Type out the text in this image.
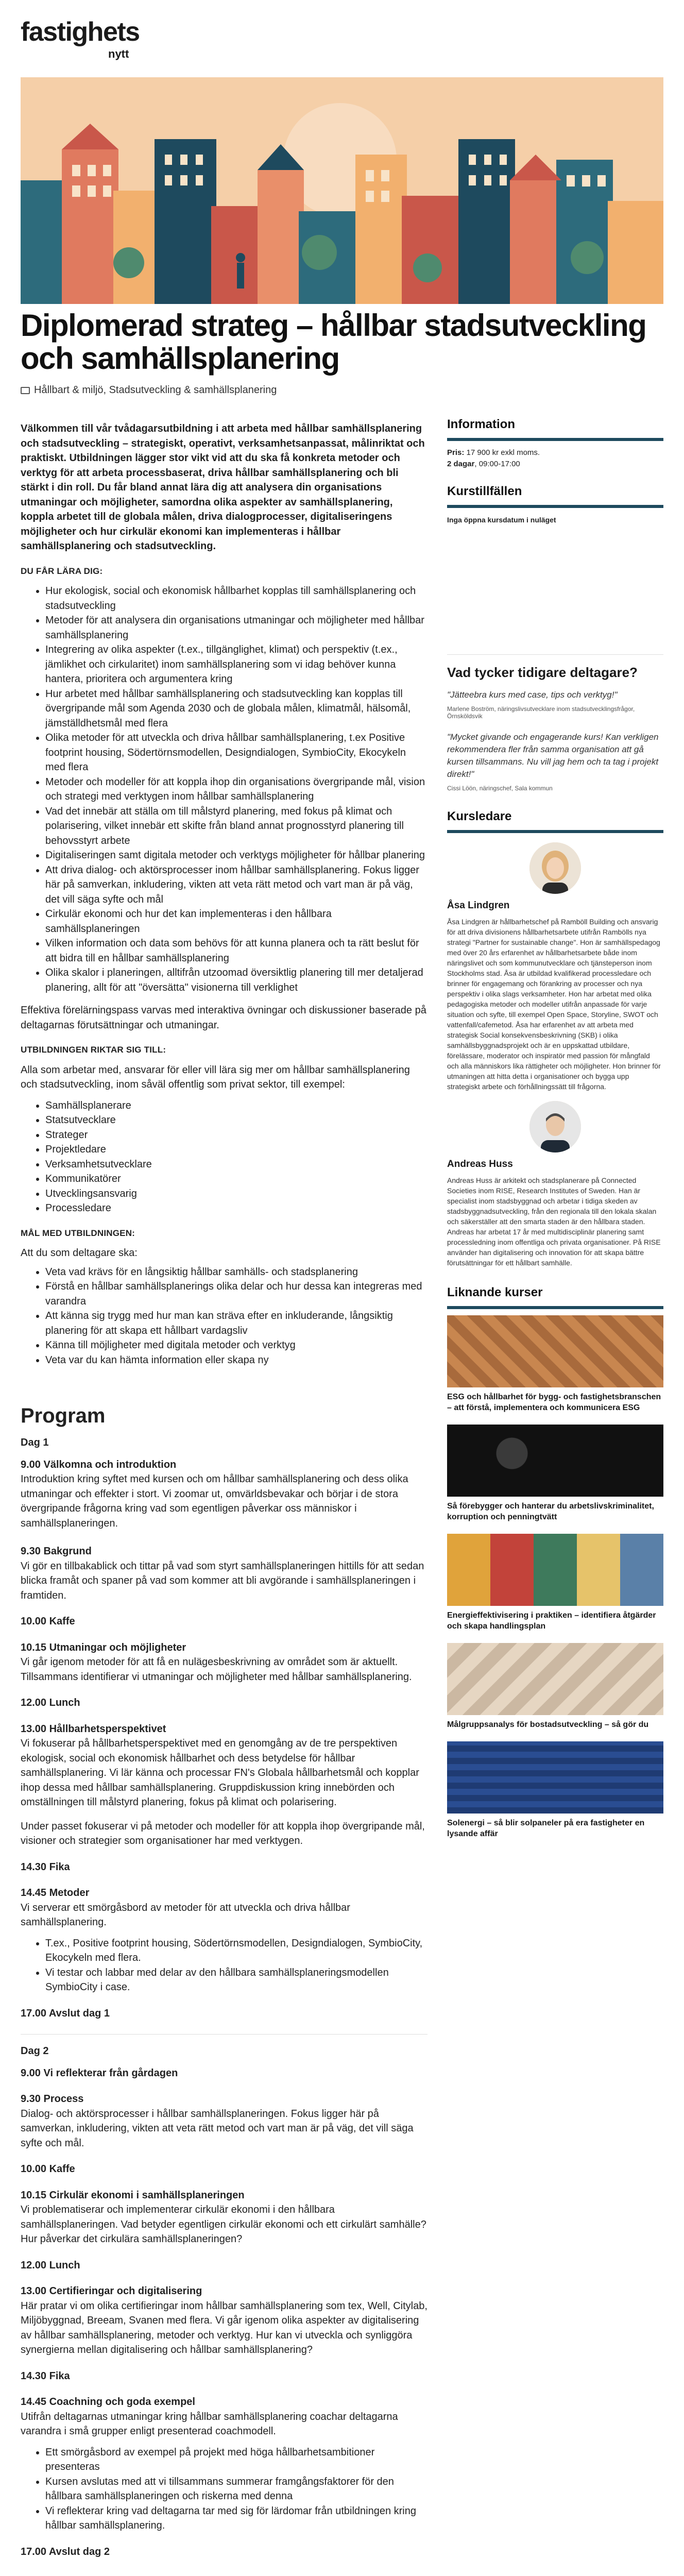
fastighets
nytt
Diplomerad strateg – hållbar stadsutveckling och samhällsplanering
Hållbart & miljö, Stadsutveckling & samhällsplanering

Välkommen till vår tvådagarsutbildning i att arbeta med hållbar samhällsplanering och stadsutveckling – strategiskt, operativt, verksamhetsanpassat, målinriktat och praktiskt. Utbildningen lägger stor vikt vid att du ska få konkreta metoder och verktyg för att arbeta processbaserat, driva hållbar samhällsplanering och bli stärkt i din roll. Du får bland annat lära dig att analysera din organisations utmaningar och möjligheter, samordna olika aspekter av samhällsplanering, koppla arbetet till de globala målen, driva dialogprocesser, digitaliseringens möjligheter och hur cirkulär ekonomi kan implementeras i hållbar samhällsplanering och stadsutveckling.

DU FÅR LÄRA DIG:
Hur ekologisk, social och ekonomisk hållbarhet kopplas till samhällsplanering och stadsutveckling
Metoder för att analysera din organisations utmaningar och möjligheter med hållbar samhällsplanering
Integrering av olika aspekter (t.ex., tillgänglighet, klimat) och perspektiv (t.ex., jämlikhet och cirkularitet) inom samhällsplanering som vi idag behöver kunna hantera, prioritera och argumentera kring
Hur arbetet med hållbar samhällsplanering och stadsutveckling kan kopplas till övergripande mål som Agenda 2030 och de globala målen, klimatmål, hälsomål, jämställdhetsmål med flera
Olika metoder för att utveckla och driva hållbar samhällsplanering, t.ex Positive footprint housing, Södertörnsmodellen, Designdialogen, SymbioCity, Ekocykeln med flera
Metoder och modeller för att koppla ihop din organisations övergripande mål, vision och strategi med verktygen inom hållbar samhällsplanering
Vad det innebär att ställa om till målstyrd planering, med fokus på klimat och polarisering, vilket innebär ett skifte från bland annat prognosstyrd planering till behovsstyrt arbete
Digitaliseringen samt digitala metoder och verktygs möjligheter för hållbar planering
Att driva dialog- och aktörsprocesser inom hållbar samhällsplanering. Fokus ligger här på samverkan, inkludering, vikten att veta rätt metod och vart man är på väg, det vill säga syfte och mål
Cirkulär ekonomi och hur det kan implementeras i den hållbara samhällsplaneringen
Vilken information och data som behövs för att kunna planera och ta rätt beslut för att bidra till en hållbar samhällsplanering
Olika skalor i planeringen, alltifrån utzoomad översiktlig planering till mer detaljerad planering, allt för att "översätta" visionerna till verklighet

Effektiva förelärningspass varvas med interaktiva övningar och diskussioner baserade på deltagarnas förutsättningar och utmaningar.

UTBILDNINGEN RIKTAR SIG TILL:

Alla som arbetar med, ansvarar för eller vill lära sig mer om hållbar samhällsplanering och stadsutveckling, inom såväl offentlig som privat sektor, till exempel:

Samhällsplanerare
Statsutvecklare
Strateger
Projektledare
Verksamhetsutvecklare
Kommunikatörer
Utvecklingsansvarig
Processledare
MÅL MED UTBILDNINGEN:

Att du som deltagare ska:

Veta vad krävs för en långsiktig hållbar samhälls- och stadsplanering
Förstå en hållbar samhällsplanerings olika delar och hur dessa kan integreras med varandra
Att känna sig trygg med hur man kan sträva efter en inkluderande, långsiktig planering för att skapa ett hållbart vardagsliv
Känna till möjligheter med digitala metoder och verktyg
Veta var du kan hämta information eller skapa ny
Program

Dag 1

9.00 Välkomna och introduktion
Introduktion kring syftet med kursen och om hållbar samhällsplanering och dess olika utmaningar och effekter i stort. Vi zoomar ut, omvärldsbevakar och börjar i de stora övergripande frågorna kring vad som egentligen påverkar oss människor i samhällsplaneringen.
9.30 Bakgrund
Vi gör en tillbakablick och tittar på vad som styrt samhällsplaneringen hittills för att sedan blicka framåt och spaner på vad som kommer att bli avgörande i samhällsplaneringen i framtiden.
10.00 Kaffe
10.15 Utmaningar och möjligheter
Vi går igenom metoder för att få en nulägesbeskrivning av området som är aktuellt. Tillsammans identifierar vi utmaningar och möjligheter med hållbar samhällsplanering.
12.00 Lunch
13.00 Hållbarhetsperspektivet
Vi fokuserar på hållbarhetsperspektivet med en genomgång av de tre perspektiven ekologisk, social och ekonomisk hållbarhet och dess betydelse för hållbar samhällsplanering. Vi lär känna och processar FN's Globala hållbarhetsmål och kopplar ihop dessa med hållbar samhällsplanering. Gruppdiskussion kring innebörden och omställningen till målstyrd planering, fokus på klimat och polarisering.
Under passet fokuserar vi på metoder och modeller för att koppla ihop övergripande mål, visioner och strategier som organisationer har med verktygen.
14.30 Fika
14.45 Metoder
Vi serverar ett smörgåsbord av metoder för att utveckla och driva hållbar samhällsplanering.
T.ex., Positive footprint housing, Södertörnsmodellen, Designdialogen, SymbioCity, Ekocykeln med flera.
Vi testar och labbar med delar av den hållbara samhällsplaneringsmodellen SymbioCity i case.
17.00 Avslut dag 1

Dag 2

9.00 Vi reflekterar från gårdagen
9.30 Process
Dialog- och aktörsprocesser i hållbar samhällsplaneringen. Fokus ligger här på samverkan, inkludering, vikten att veta rätt metod och vart man är på väg, det vill säga syfte och mål.
10.00 Kaffe
10.15 Cirkulär ekonomi i samhällsplaneringen
Vi problematiserar och implementerar cirkulär ekonomi i den hållbara samhällsplaneringen. Vad betyder egentligen cirkulär ekonomi och ett cirkulärt samhälle? Hur påverkar det cirkulära samhällsplaneringen?
12.00 Lunch
13.00 Certifieringar och digitalisering
Här pratar vi om olika certifieringar inom hållbar samhällsplanering som tex, Well, Citylab, Miljöbyggnad, Breeam, Svanen med flera. Vi går igenom olika aspekter av digitalisering av hållbar samhällsplanering, metoder och verktyg. Hur kan vi utveckla och synliggöra synergierna mellan digitalisering och hållbar samhällsplanering?
14.30 Fika
14.45 Coachning och goda exempel
Utifrån deltagarnas utmaningar kring hållbar samhällsplanering coachar deltagarna varandra i små grupper enligt presenterad coachmodell.
Ett smörgåsbord av exempel på projekt med höga hållbarhetsambitioner presenteras
Kursen avslutas med att vi tillsammans summerar framgångsfaktorer för den hållbara samhällsplaneringen och riskerna med denna
Vi reflekterar kring vad deltagarna tar med sig för lärdomar från utbildningen kring hållbar samhällsplanering.
17.00 Avslut dag 2
Information
Pris: 17 900 kr exkl moms.
2 dagar, 09:00-17:00
Kurstillfällen
Inga öppna kursdatum i nuläget
Vad tycker tidigare deltagare?

"Jätteebra kurs med case, tips och verktyg!"

Marlene Boström, näringslivsutvecklare inom stadsutvecklingsfrågor, Örnsköldsvik

"Mycket givande och engagerande kurs! Kan verkligen rekommendera fler från samma organisation att gå kursen tillsammans. Nu vill jag hem och ta tag i projekt direkt!"

Cissi Löön, näringschef, Sala kommun

Kursledare

Åsa Lindgren

Åsa Lindgren är hållbarhetschef på Ramböll Building och ansvarig för att driva divisionens hållbarhetsarbete utifrån Rambölls nya strategi "Partner for sustainable change". Hon är samhällspedagog med över 20 års erfarenhet av hållbarhetsarbete både inom näringslivet och som kommunutvecklare och tjänsteperson inom Stockholms stad. Åsa är utbildad kvalifikerad processledare och brinner för engagemang och förankring av processer och nya perspektiv i olika slags verksamheter. Hon har arbetat med olika pedagogiska metoder och modeller utifrån anpassade för varje situation och syfte, till exempel Open Space, Storyline, SWOT och vattenfall/cafemetod. Åsa har erfarenhet av att arbeta med strategisk Social konsekvensbeskrivning (SKB) i olika samhällsbyggnadsprojekt och är en uppskattad utbildare, förelässare, moderator och inspiratör med passion för mångfald och alla människors lika rättigheter och möjligheter. Hon brinner för utmaningen att hitta detta i organisationer och bygga upp strategiskt arbete och förhållningssätt till frågorna.

Andreas Huss

Andreas Huss är arkitekt och stadsplanerare på Connected Societies inom RISE, Research Institutes of Sweden. Han är specialist inom stadsbyggnad och arbetar i tidiga skeden av stadsbyggnadsutveckling, från den regionala till den lokala skalan och säkerställer att den smarta staden är den hållbara staden. Andreas har arbetat 17 år med multidisciplinär planering samt processledning inom offentliga och privata organisationer. På RISE använder han digitalisering och innovation för att skapa bättre förutsättningar för ett hållbart samhälle.

Liknande kurser

ESG och hållbarhet för bygg- och fastighetsbranschen – att förstå, implementera och kommunicera ESG

Så förebygger och hanterar du arbetslivskriminalitet, korruption och penningtvätt

Energieffektivisering i praktiken – identifiera åtgärder och skapa handlingsplan

Målgruppsanalys för bostadsutveckling – så gör du

Solenergi – så blir solpaneler på era fastigheter en lysande affär
